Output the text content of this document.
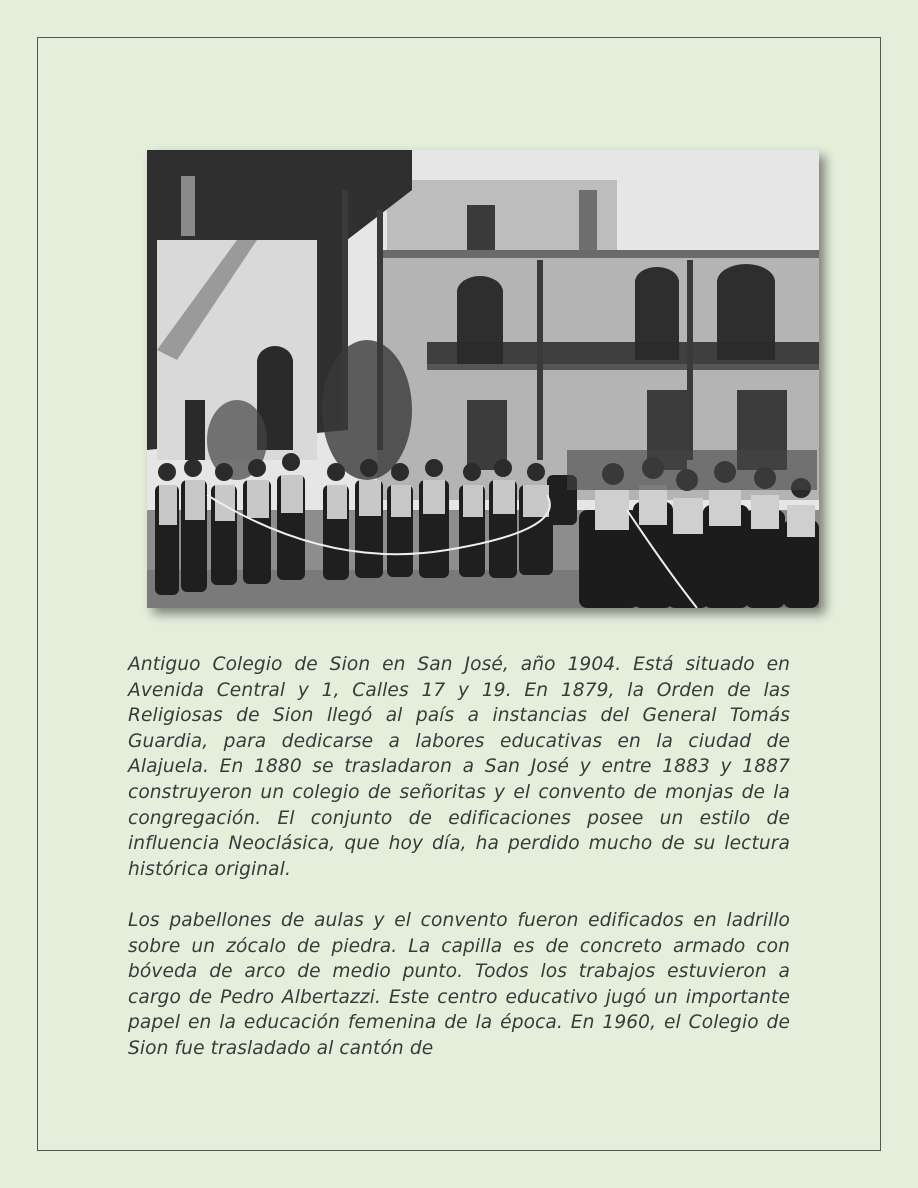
Antiguo Colegio de Sion en San José, año 1904. Está situado en Avenida Central y 1, Calles 17 y 19. En 1879, la Orden de las Religiosas de Sion llegó al país a instancias del General Tomás Guardia, para dedicarse a labores educativas en la ciudad de Alajuela. En 1880 se trasladaron a San José y entre 1883 y 1887 construyeron un colegio de señoritas y el convento de monjas de la congregación. El conjunto de edificaciones posee un estilo de influencia Neoclásica, que hoy día, ha perdido mucho de su lectura histórica original.

Los pabellones de aulas y el convento fueron edificados en ladrillo sobre un zócalo de piedra. La capilla es de concreto armado con bóveda de arco de medio punto. Todos los trabajos estuvieron a cargo de Pedro Albertazzi. Este centro educativo jugó un importante papel en la educación femenina de la época. En 1960, el Colegio de Sion fue trasladado al cantón de
